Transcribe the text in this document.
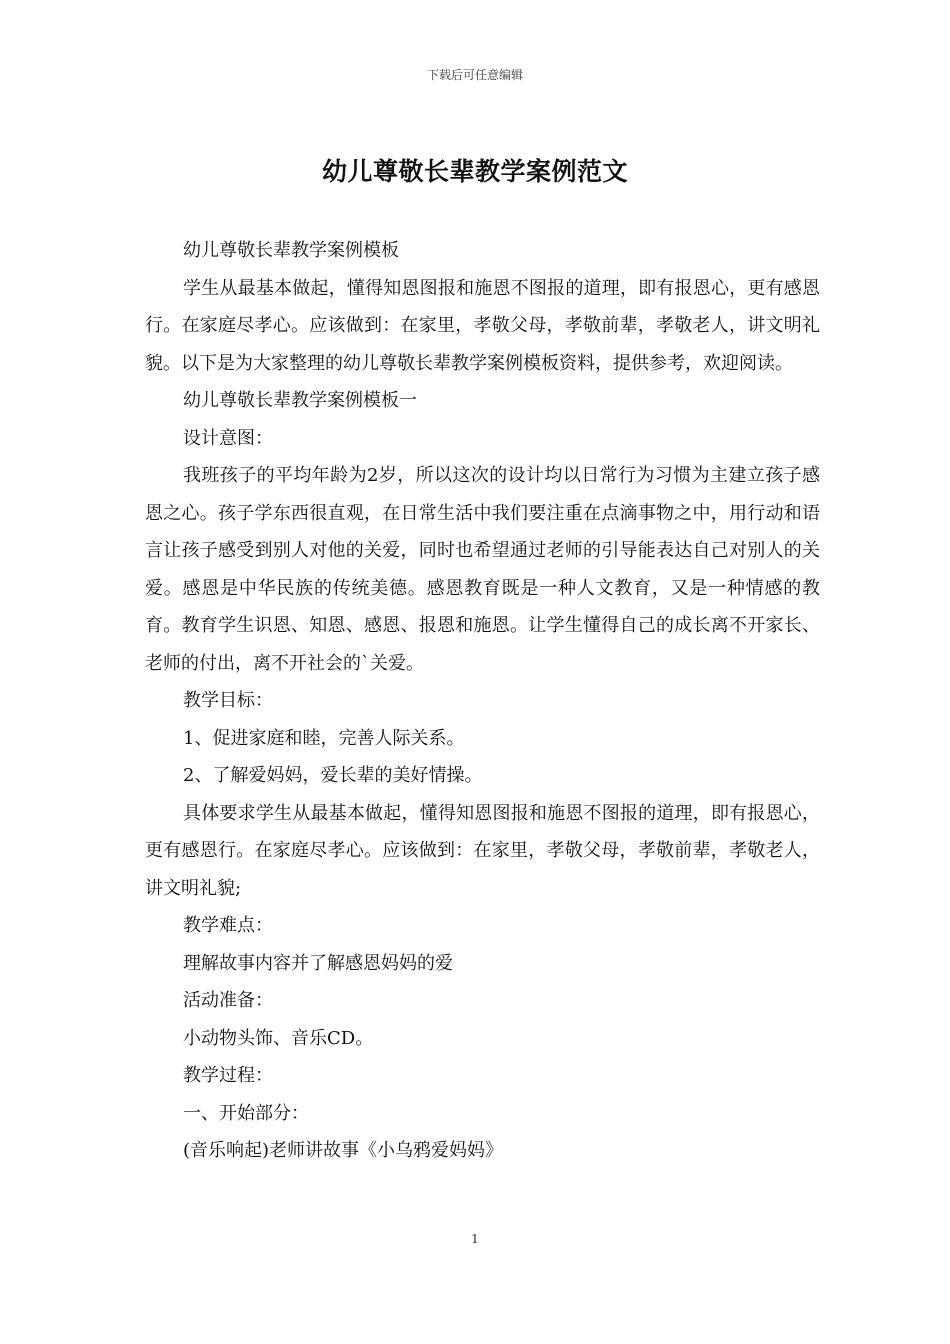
下载后可任意编辑
幼儿尊敬长辈教学案例范文

幼儿尊敬长辈教学案例模板

学生从最基本做起，懂得知恩图报和施恩不图报的道理，即有报恩心，更有感恩行。在家庭尽孝心。应该做到：在家里，孝敬父母，孝敬前辈，孝敬老人，讲文明礼貌。以下是为大家整理的幼儿尊敬长辈教学案例模板资料，提供参考，欢迎阅读。

幼儿尊敬长辈教学案例模板一

设计意图：

我班孩子的平均年龄为2岁，所以这次的设计均以日常行为习惯为主建立孩子感恩之心。孩子学东西很直观，在日常生活中我们要注重在点滴事物之中，用行动和语言让孩子感受到别人对他的关爱，同时也希望通过老师的引导能表达自己对别人的关爱。感恩是中华民族的传统美德。感恩教育既是一种人文教育，又是一种情感的教育。教育学生识恩、知恩、感恩、报恩和施恩。让学生懂得自己的成长离不开家长、老师的付出，离不开社会的`关爱。

教学目标：

1、促进家庭和睦，完善人际关系。

2、了解爱妈妈，爱长辈的美好情操。

具体要求学生从最基本做起，懂得知恩图报和施恩不图报的道理，即有报恩心，更有感恩行。在家庭尽孝心。应该做到：在家里，孝敬父母，孝敬前辈，孝敬老人，讲文明礼貌;

教学难点：

理解故事内容并了解感恩妈妈的爱

活动准备：

小动物头饰、音乐CD。

教学过程：

一、开始部分：

(音乐响起)老师讲故事《小乌鸦爱妈妈》

1
